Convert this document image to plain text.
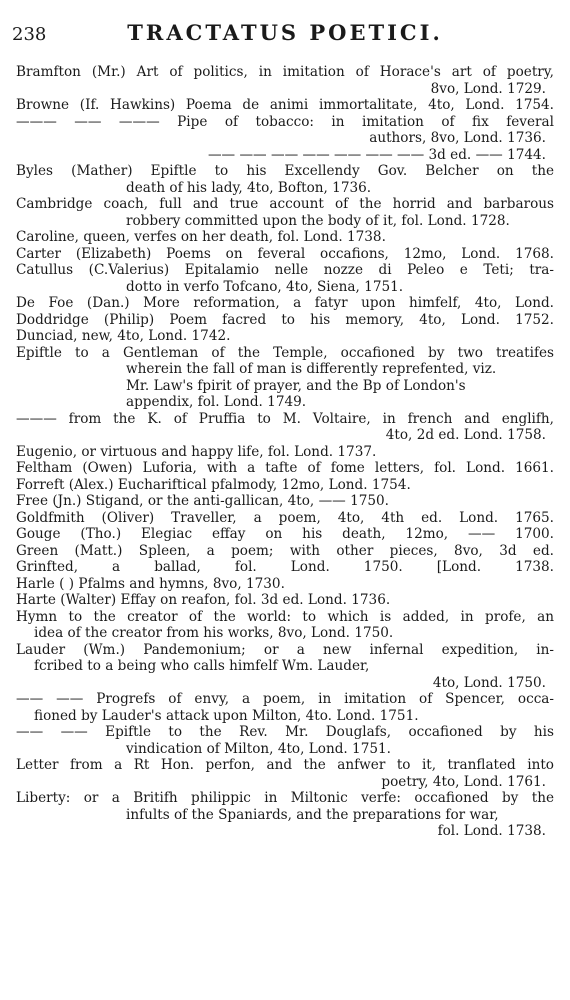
238	TRACTATUS POETICI.
Bramfton (Mr.) Art of politics, in imitation of Horace's art of poetry,
8vo, Lond. 1729.
Browne (If. Hawkins) Poema de animi immortalitate, 4to, Lond. 1754.
——— —— ——— Pipe of tobacco: in imitation of fix feveral
authors, 8vo, Lond. 1736.
—— —— —— —— —— —— —— 3d ed. —— 1744.
Byles (Mather) Epiftle to his Excellendy Gov. Belcher on the
death of his lady, 4to, Bofton, 1736.
Cambridge coach, full and true account of the horrid and barbarous
robbery committed upon the body of it, fol. Lond. 1728.
Caroline, queen, verfes on her death, fol. Lond. 1738.
Carter (Elizabeth) Poems on feveral occafions, 12mo, Lond. 1768.
Catullus (C.Valerius) Epitalamio nelle nozze di Peleo e Teti; tra-
dotto in verfo Tofcano, 4to, Siena, 1751.
De Foe (Dan.) More reformation, a fatyr upon himfelf, 4to, Lond.
Doddridge (Philip) Poem facred to his memory, 4to, Lond. 1752.
Dunciad, new, 4to, Lond. 1742.
Epiftle to a Gentleman of the Temple, occafioned by two treatifes
wherein the fall of man is differently reprefented, viz.
Mr. Law's fpirit of prayer, and the Bp of London's
appendix, fol. Lond. 1749.
——— from the K. of Pruffia to M. Voltaire, in french and englifh,
4to, 2d ed. Lond. 1758.
Eugenio, or virtuous and happy life, fol. Lond. 1737.
Feltham (Owen) Luforia, with a tafte of fome letters, fol. Lond. 1661.
Forreft (Alex.) Euchariftical pfalmody, 12mo, Lond. 1754.
Free (Jn.) Stigand, or the anti-gallican, 4to, —— 1750.
Goldfmith (Oliver) Traveller, a poem, 4to, 4th ed. Lond. 1765.
Gouge (Tho.) Elegiac effay on his death, 12mo, —— 1700.
Green (Matt.) Spleen, a poem; with other pieces, 8vo, 3d ed.
Grinfted, a ballad, fol. Lond. 1750. [Lond. 1738.
Harle ( ) Pfalms and hymns, 8vo, 1730.
Harte (Walter) Effay on reafon, fol. 3d ed. Lond. 1736.
Hymn to the creator of the world: to which is added, in profe, an
idea of the creator from his works, 8vo, Lond. 1750.
Lauder (Wm.) Pandemonium; or a new infernal expedition, in-
fcribed to a being who calls himfelf Wm. Lauder,
4to, Lond. 1750.
—— —— Progrefs of envy, a poem, in imitation of Spencer, occa-
fioned by Lauder's attack upon Milton, 4to. Lond. 1751.
—— —— Epiftle to the Rev. Mr. Douglafs, occafioned by his
vindication of Milton, 4to, Lond. 1751.
Letter from a Rt Hon. perfon, and the anfwer to it, tranflated into
poetry, 4to, Lond. 1761.
Liberty: or a Britifh philippic in Miltonic verfe: occafioned by the
infults of the Spaniards, and the preparations for war,
fol. Lond. 1738.
